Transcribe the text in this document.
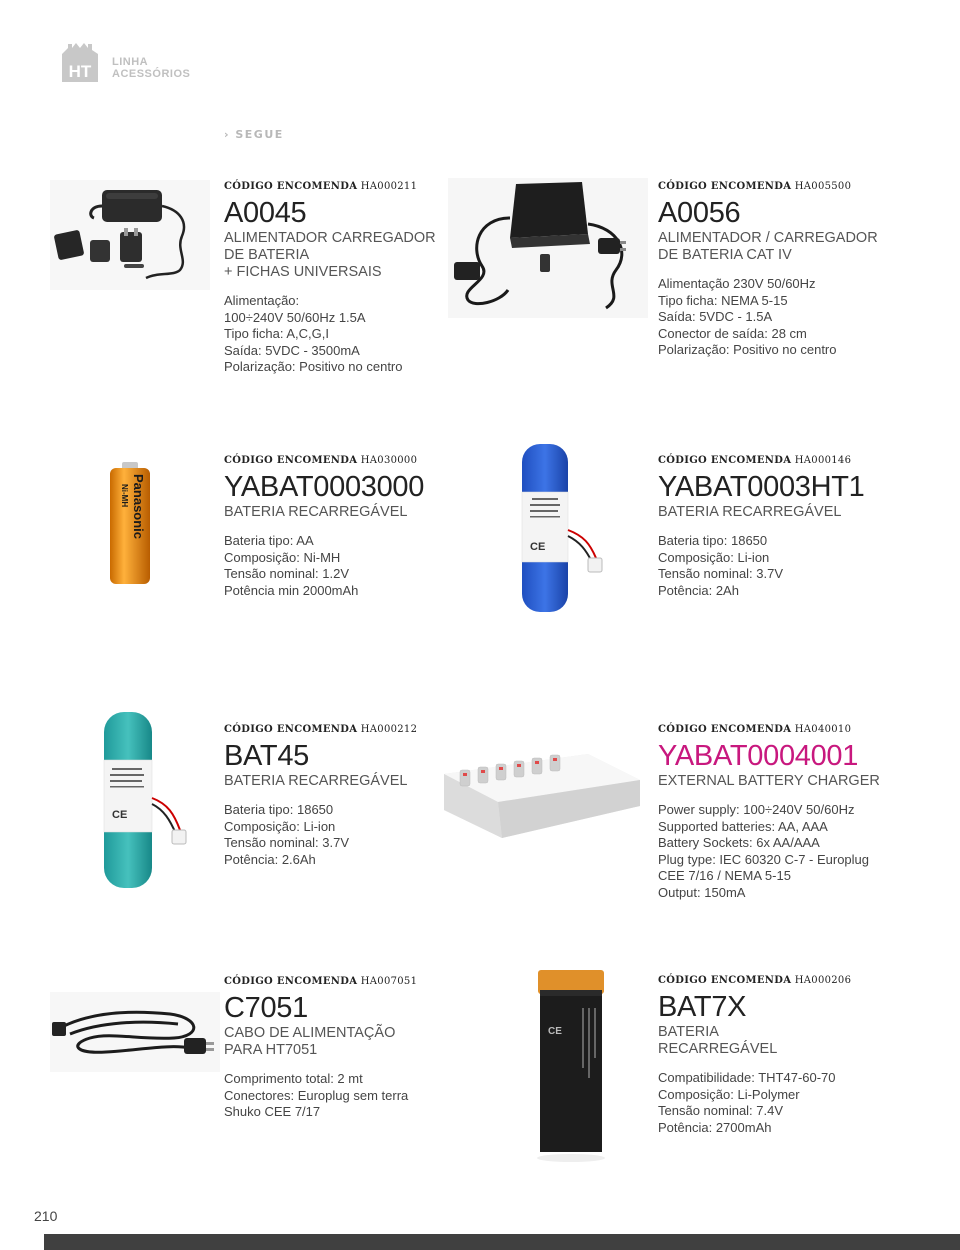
HT LINHA
ACESSÓRIOS
› SEGUE
Panasonic
Ni-MH
CE
CE
CE
CÓDIGO ENCOMENDA HA000211
A0045
ALIMENTADOR CARREGADOR
DE BATERIA
+ FICHAS UNIVERSAIS
Alimentação:
100÷240V 50/60Hz 1.5A
Tipo ficha: A,C,G,I
Saída: 5VDC - 3500mA
Polarização: Positivo no centro
CÓDIGO ENCOMENDA HA005500
A0056
ALIMENTADOR / CARREGADOR
DE BATERIA CAT IV
Alimentação 230V 50/60Hz
Tipo ficha: NEMA 5-15
Saída: 5VDC - 1.5A
Conector de saída: 28 cm
Polarização: Positivo no centro
CÓDIGO ENCOMENDA HA030000
YABAT0003000
BATERIA RECARREGÁVEL
Bateria tipo: AA
Composição: Ni-MH
Tensão nominal: 1.2V
Potência min 2000mAh
CÓDIGO ENCOMENDA HA000146
YABAT0003HT1
BATERIA RECARREGÁVEL
Bateria tipo: 18650
Composição: Li-ion
Tensão nominal: 3.7V
Potência: 2Ah
CÓDIGO ENCOMENDA HA000212
BAT45
BATERIA RECARREGÁVEL
Bateria tipo: 18650
Composição: Li-ion
Tensão nominal: 3.7V
Potência: 2.6Ah
CÓDIGO ENCOMENDA HA040010
YABAT0004001
EXTERNAL BATTERY CHARGER
Power supply: 100÷240V 50/60Hz
Supported batteries: AA, AAA
Battery Sockets: 6x AA/AAA
Plug type: IEC 60320 C-7 - Europlug
CEE 7/16 / NEMA 5-15
Output: 150mA
CÓDIGO ENCOMENDA HA007051
C7051
CABO DE ALIMENTAÇÃO
PARA HT7051
Comprimento total: 2 mt
Conectores: Europlug sem terra
Shuko CEE 7/17
CÓDIGO ENCOMENDA HA000206
BAT7X
BATERIA
RECARREGÁVEL
Compatibilidade: THT47-60-70
Composição: Li-Polymer
Tensão nominal: 7.4V
Potência: 2700mAh
210
